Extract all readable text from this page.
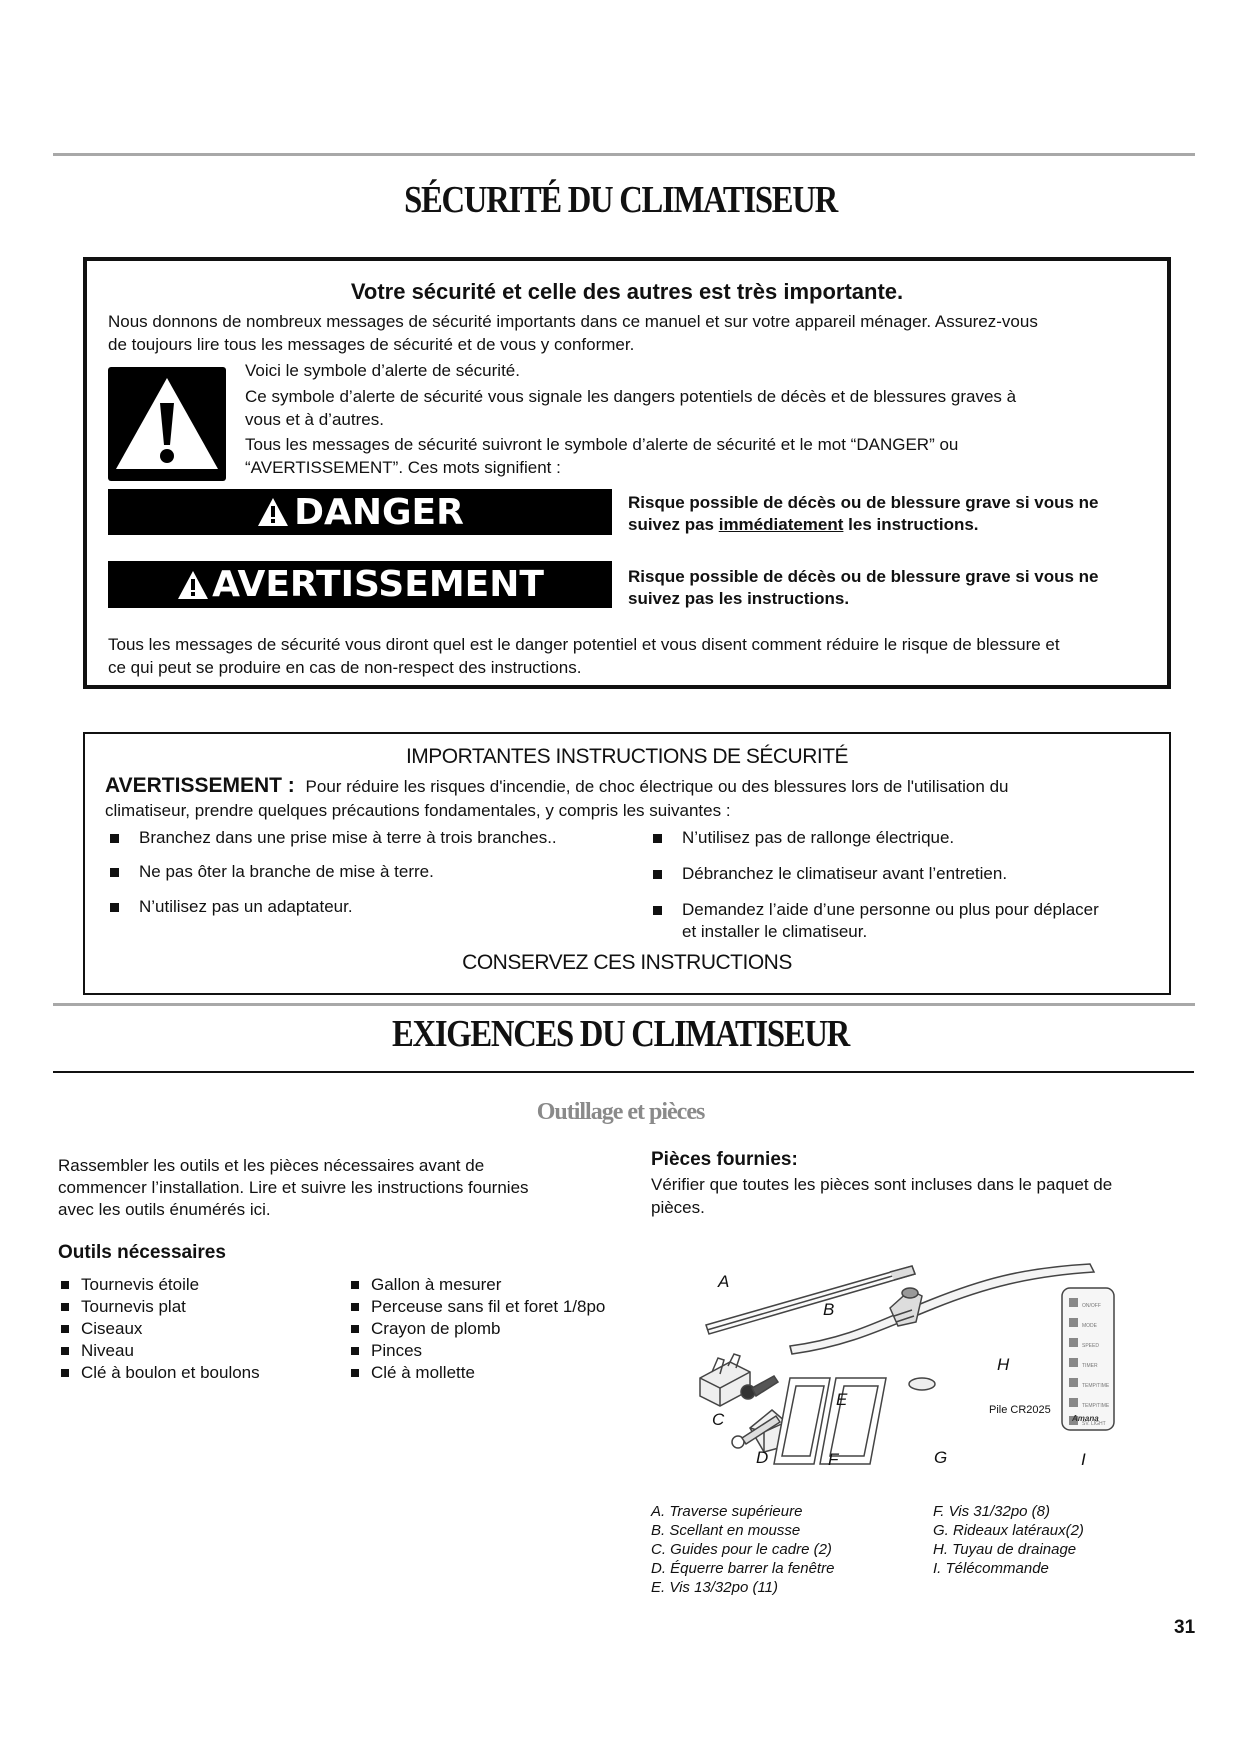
SÉCURITÉ DU CLIMATISEUR
Votre sécurité et celle des autres est très importante.
Nous donnons de nombreux messages de sécurité importants dans ce manuel et sur votre appareil ménager. Assurez-vous
de toujours lire tous les messages de sécurité et de vous y conformer.
Voici le symbole d’alerte de sécurité.
Ce symbole d’alerte de sécurité vous signale les dangers potentiels de décès et de blessures graves à
vous et à d’autres.
Tous les messages de sécurité suivront le symbole d’alerte de sécurité et le mot “DANGER” ou
“AVERTISSEMENT”. Ces mots signifient :
DANGER	Risque possible de décès ou de blessure grave si vous ne
suivez pas immédiatement les instructions.
AVERTISSEMENT	Risque possible de décès ou de blessure grave si vous ne
suivez pas les instructions.
Tous les messages de sécurité vous diront quel est le danger potentiel et vous disent comment réduire le risque de blessure et
ce qui peut se produire en cas de non-respect des instructions.
IMPORTANTES INSTRUCTIONS DE SÉCURITÉ
AVERTISSEMENT : Pour réduire les risques d'incendie, de choc électrique ou des blessures lors de l'utilisation du
climatiseur, prendre quelques précautions fondamentales, y compris les suivantes :
Branchez dans une prise mise à terre à trois branches..
Ne pas ôter la branche de mise à terre.
N’utilisez pas un adaptateur.
N’utilisez pas de rallonge électrique.
Débranchez le climatiseur avant l’entretien.
Demandez l’aide d’une personne ou plus pour déplacer
et installer le climatiseur.
CONSERVEZ CES INSTRUCTIONS
EXIGENCES DU CLIMATISEUR
Outillage et pièces
Rassembler les outils et les pièces nécessaires avant de
commencer l’installation. Lire et suivre les instructions fournies
avec les outils énumérés ici.
Outils nécessaires
Tournevis étoile
Tournevis plat
Ciseaux
Niveau
Clé à boulon et boulons
Gallon à mesurer
Perceuse sans fil et foret 1/8po
Crayon de plomb
Pinces
Clé à mollette
Pièces fournies:
Vérifier que toutes les pièces sont incluses dans le paquet de
pièces.
A
B
C
D
E
F	G
H
I
Pile CR2025
ON/OFF
MODE
SPEED
TIMER
TEMP/TIME
TEMP/TIME
SV. LIGHT
Amana
A. Traverse supérieure
B. Scellant en mousse
C. Guides pour le cadre (2)
D. Équerre barrer la fenêtre
E. Vis 13/32po (11)
F. Vis 31/32po (8)
G. Rideaux latéraux(2)
H. Tuyau de drainage
I. Télécommande
31
